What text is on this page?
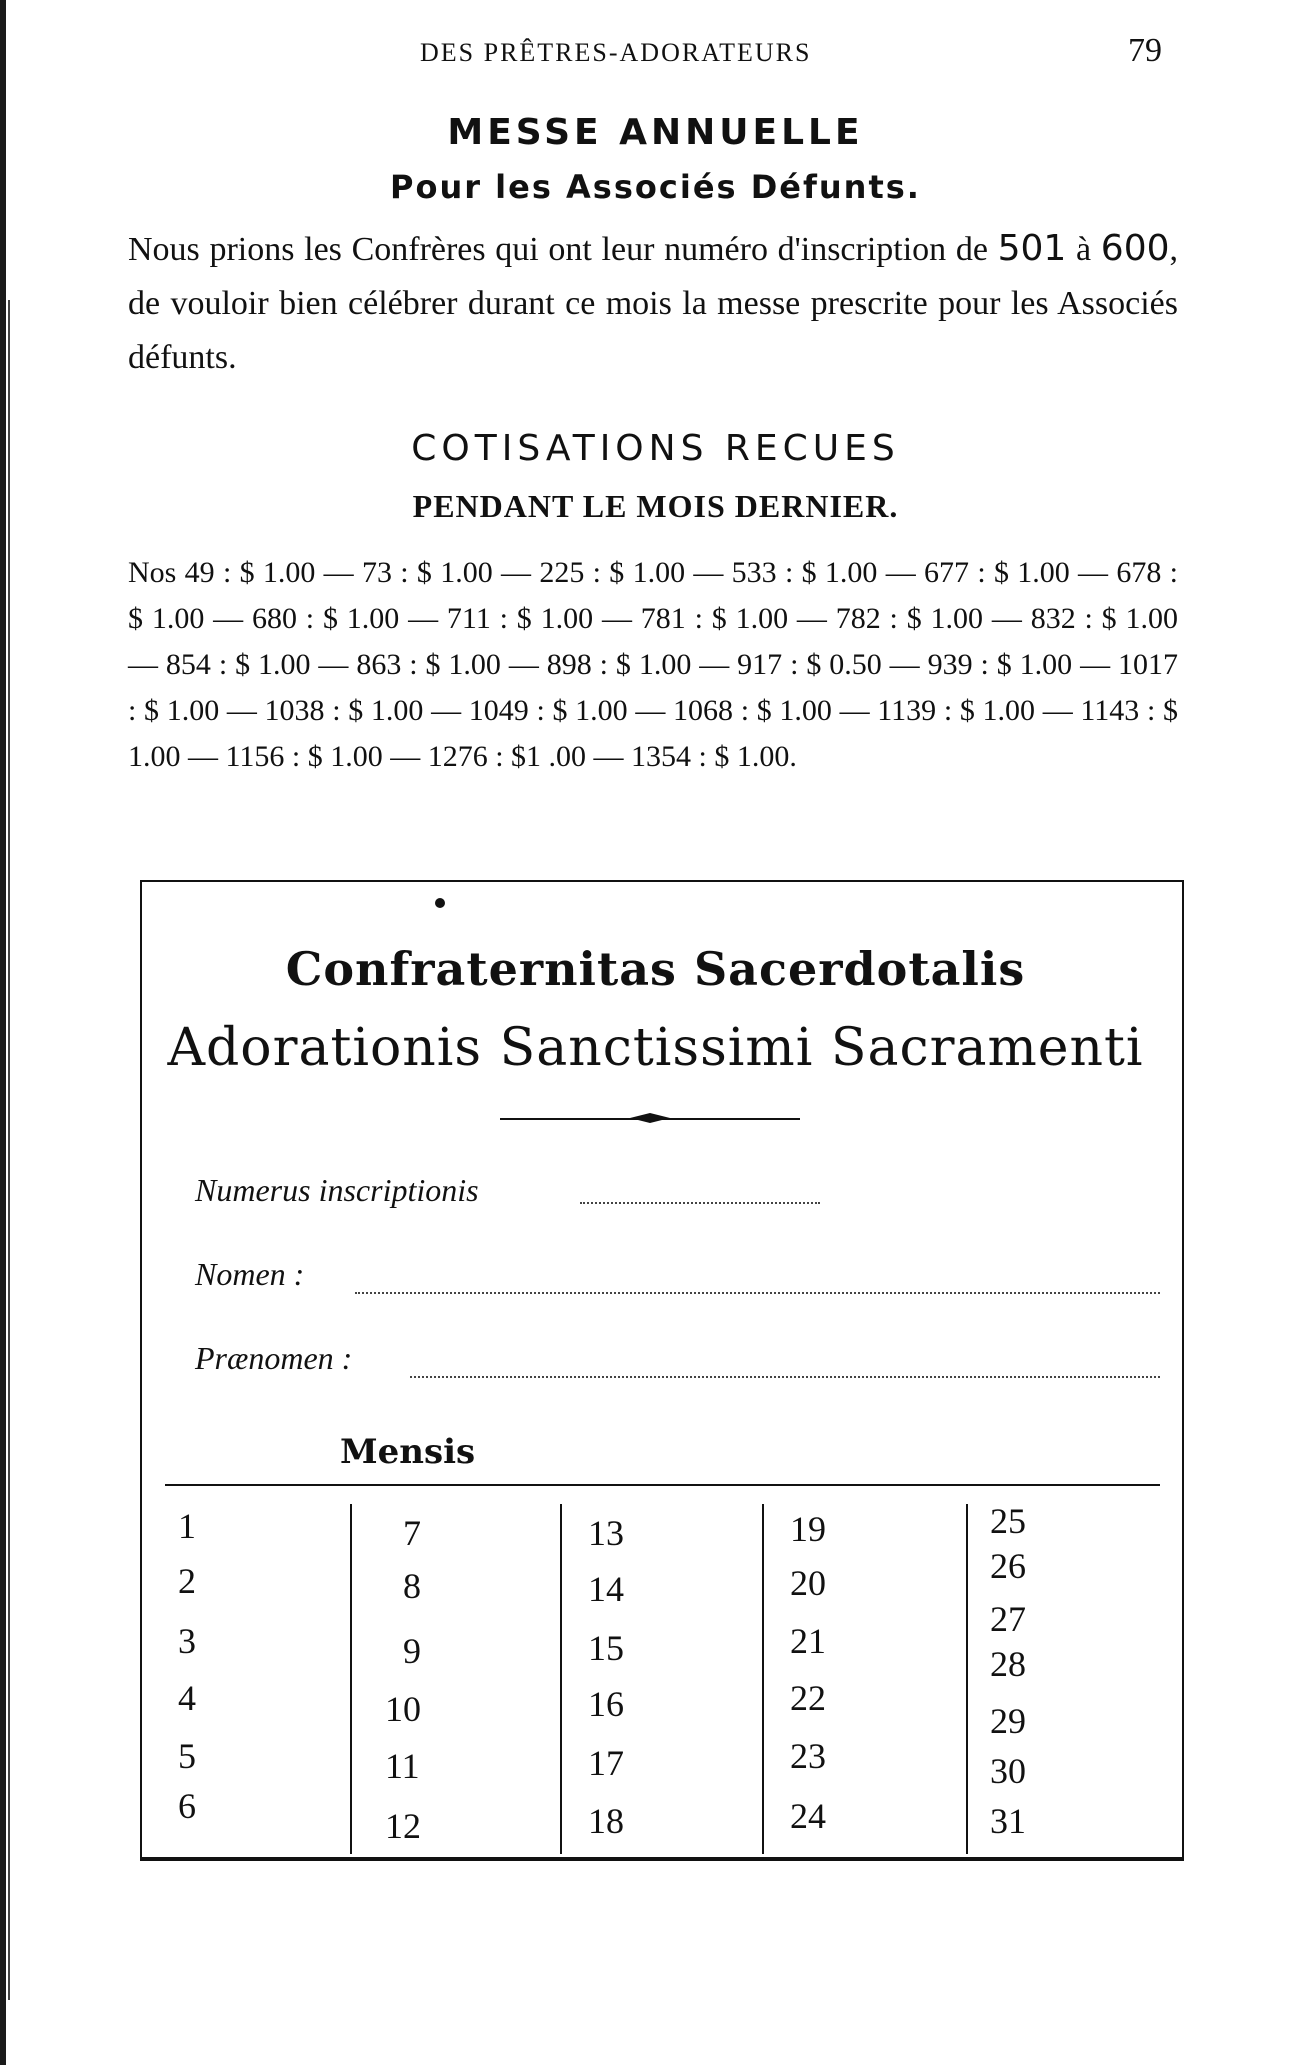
DES PRÊTRES-ADORATEURS	79
MESSE ANNUELLE
Pour les Associés Défunts.
Nous prions les Confrères qui ont leur numéro d'inscription de 501 à 600, de vouloir bien célébrer durant ce mois la messe prescrite pour les Associés défunts.
COTISATIONS RECUES
PENDANT LE MOIS DERNIER.
Nos 49 : $ 1.00 — 73 : $ 1.00 — 225 : $ 1.00 — 533 : $ 1.00 — 677 : $ 1.00 — 678 : $ 1.00 — 680 : $ 1.00 — 711 : $ 1.00 — 781 : $ 1.00 — 782 : $ 1.00 — 832 : $ 1.00 — 854 : $ 1.00 — 863 : $ 1.00 — 898 : $ 1.00 — 917 : $ 0.50 — 939 : $ 1.00 — 1017 : $ 1.00 — 1038 : $ 1.00 — 1049 : $ 1.00 — 1068 : $ 1.00 — 1139 : $ 1.00 — 1143 : $ 1.00 — 1156 : $ 1.00 — 1276 : $1 .00 — 1354 : $ 1.00.
Confraternitas Sacerdotalis
Adorationis Sanctissimi Sacramenti
Numerus inscriptionis
Nomen :
Prænomen :
Mensis
1
2
3
4
5
6
7
8
9
10
11
12
13
14
15
16
17
18
19
20
21
22
23
24
25
26
27
28
29
30
31
